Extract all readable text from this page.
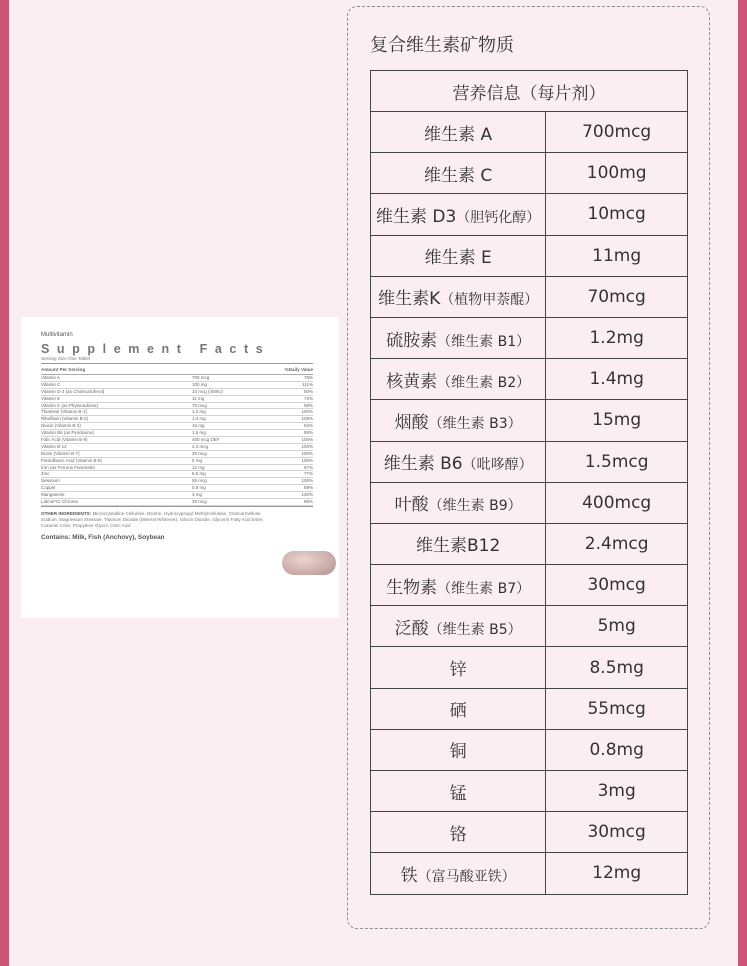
Multivitamin
Supplement Facts
Serving Size One Tablet
Amount Per Serving	%Daily Value
Vitamin A	700 mcg	78%
Vitamin C	100 mg	111%
Vitamin D-3 (as Cholecalciferol)	10 mcg (400IU)	50%
Vitamin E	11 mg	73%
Vitamin K (as Phytonadione)	70 mcg	58%
Thiamine (Vitamin B-1)	1.2 mg	100%
Riboflavin (Vitamin B-2)	1.4 mg	108%
Niacin (Vitamin B-3)	15 mg	94%
Vitamin B6 (as Pyridoxine)	1.5 mg	88%
Folic Acid (Vitamin B-9)	400 mcg DEF	100%
Vitamin B-12	2.4 mcg	100%
Biotin (Vitamin B-7)	30 mcg	100%
Pantothenic Acid (Vitamin B-5)	5 mg	100%
Iron (as Ferrous Fumarate)	12 mg	67%
Zinc	8.5 mg	77%
Selenium	55 mcg	100%
Copper	0.8 mg	89%
Manganese	3 mg	130%
Lalmin*Cr Chrome	30 mcg	86%
OTHER INGREDIENTS: Microcrystalline Cellulose, Dextrin, Hydroxypropyl Methylcellulose, Croscarmellose Sodium, Magnesium Stearate, Titanium Dioxide (Mineral Whitener), Silicon Dioxide, Glycerin Fatty Acid Ester, Caramel Color, Propylene Glycol, Citric Acid
Contains: Milk, Fish (Anchovy), Soybean
复合维生素矿物质
营养信息（每片剂）	
维生素 A	700mcg
维生素 C	100mg
维生素 D3（胆钙化醇）	10mcg
维生素 E	11mg
维生素K（植物甲萘醌）	70mcg
硫胺素（维生素 B1）	1.2mg
核黄素（维生素 B2）	1.4mg
烟酸（维生素 B3）	15mg
维生素 B6（吡哆醇）	1.5mcg
叶酸（维生素 B9）	400mcg
维生素B12	2.4mcg
生物素（维生素 B7）	30mcg
泛酸（维生素 B5）	5mg
锌	8.5mg
硒	55mcg
铜	0.8mg
锰	3mg
铬	30mcg
铁（富马酸亚铁）	12mg
